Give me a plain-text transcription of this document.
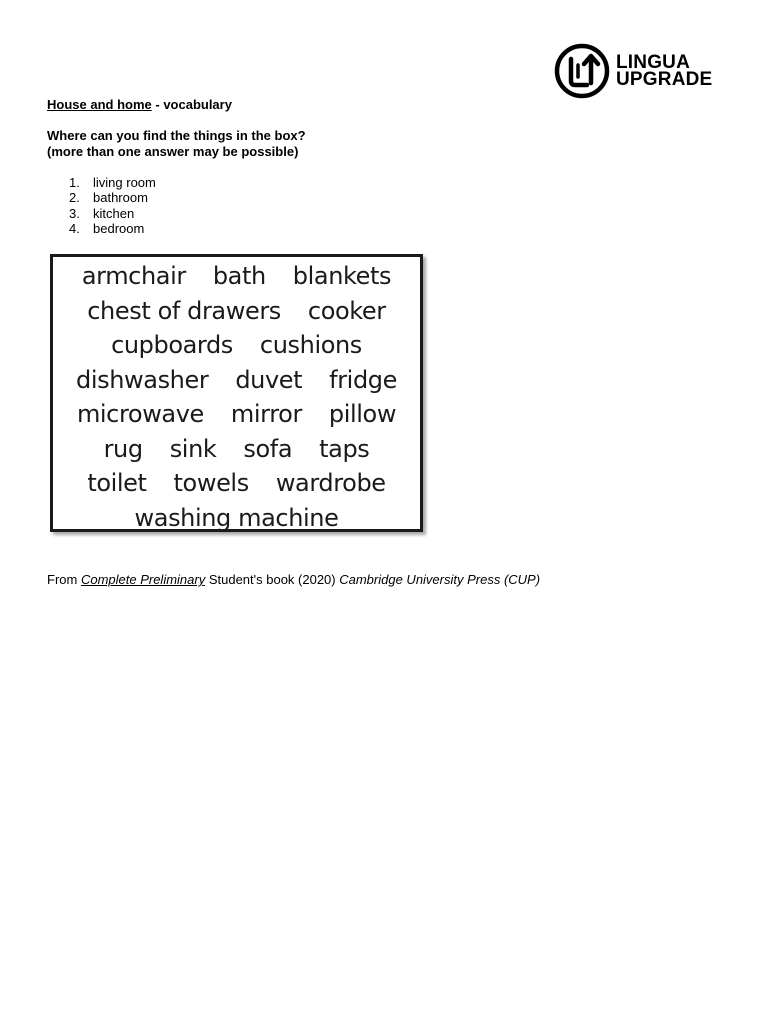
LINGUA
UPGRADE
House and home - vocabulary
Where can you find the things in the box?
(more than one answer may be possible)
1.	living room
2.	bathroom
3.	kitchen
4.	bedroom
armchair bath blankets
chest of drawers cooker
cupboards cushions
dishwasher duvet fridge
microwave mirror pillow
rug sink sofa taps
toilet towels wardrobe
washing machine
From Complete Preliminary Student's book (2020) Cambridge University Press (CUP)
